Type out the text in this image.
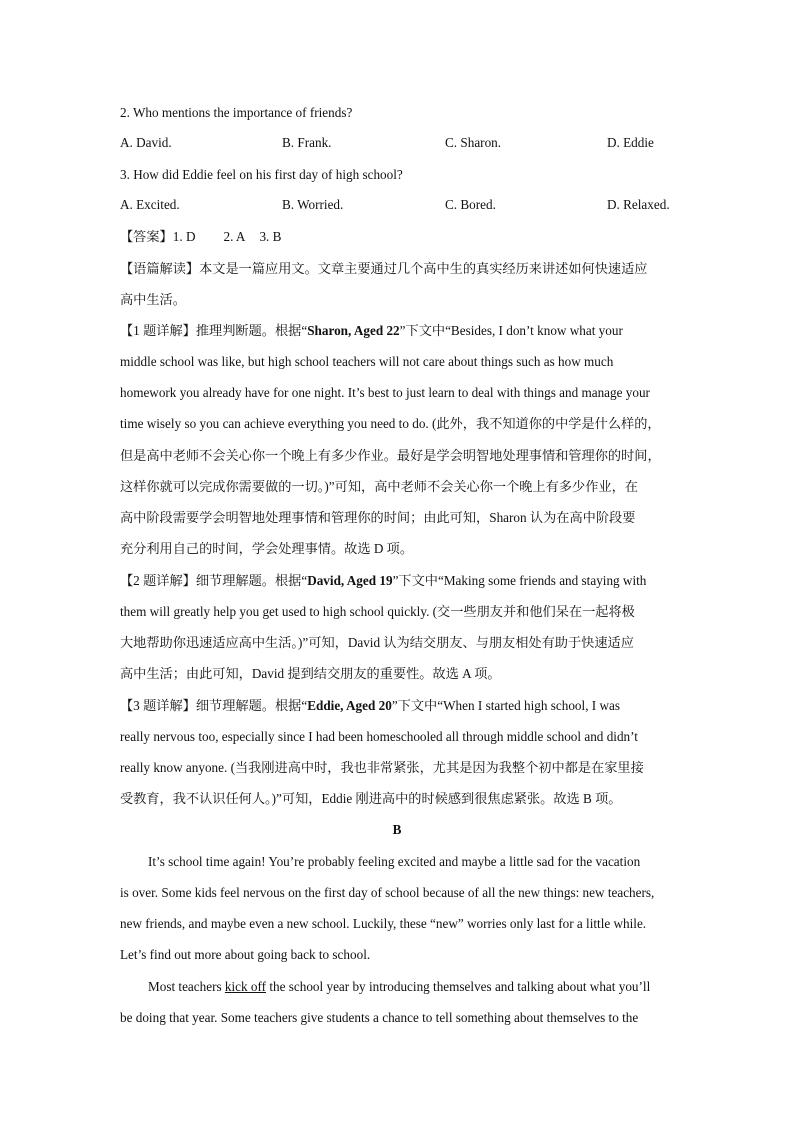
2. Who mentions the importance of friends?
A. David.	B. Frank.	C. Sharon.	D. Eddie
3. How did Eddie feel on his first day of high school?
A. Excited.	B. Worried.	C. Bored.	D. Relaxed.
【答案】1. D 2. A 3. B
【语篇解读】本文是一篇应用文。文章主要通过几个高中生的真实经历来讲述如何快速适应
高中生活。
【1 题详解】推理判断题。根据“Sharon, Aged 22”下文中“Besides, I don’t know what your
middle school was like, but high school teachers will not care about things such as how much
homework you already have for one night. It’s best to just learn to deal with things and manage your
time wisely so you can achieve everything you need to do. (此外，我不知道你的中学是什么样的，
但是高中老师不会关心你一个晚上有多少作业。最好是学会明智地处理事情和管理你的时间，
这样你就可以完成你需要做的一切。)”可知，高中老师不会关心你一个晚上有多少作业，在
高中阶段需要学会明智地处理事情和管理你的时间；由此可知，Sharon 认为在高中阶段要
充分利用自己的时间，学会处理事情。故选 D 项。
【2 题详解】细节理解题。根据“David, Aged 19”下文中“Making some friends and staying with
them will greatly help you get used to high school quickly. (交一些朋友并和他们呆在一起将极
大地帮助你迅速适应高中生活。)”可知，David 认为结交朋友、与朋友相处有助于快速适应
高中生活；由此可知，David 提到结交朋友的重要性。故选 A 项。
【3 题详解】细节理解题。根据“Eddie, Aged 20”下文中“When I started high school, I was
really nervous too, especially since I had been homeschooled all through middle school and didn’t
really know anyone. (当我刚进高中时，我也非常紧张，尤其是因为我整个初中都是在家里接
受教育，我不认识任何人。)”可知，Eddie 刚进高中的时候感到很焦虑紧张。故选 B 项。
B
It’s school time again! You’re probably feeling excited and maybe a little sad for the vacation
is over. Some kids feel nervous on the first day of school because of all the new things: new teachers,
new friends, and maybe even a new school. Luckily, these “new” worries only last for a little while.
Let’s find out more about going back to school.
Most teachers kick off the school year by introducing themselves and talking about what you’ll
be doing that year. Some teachers give students a chance to tell something about themselves to the
